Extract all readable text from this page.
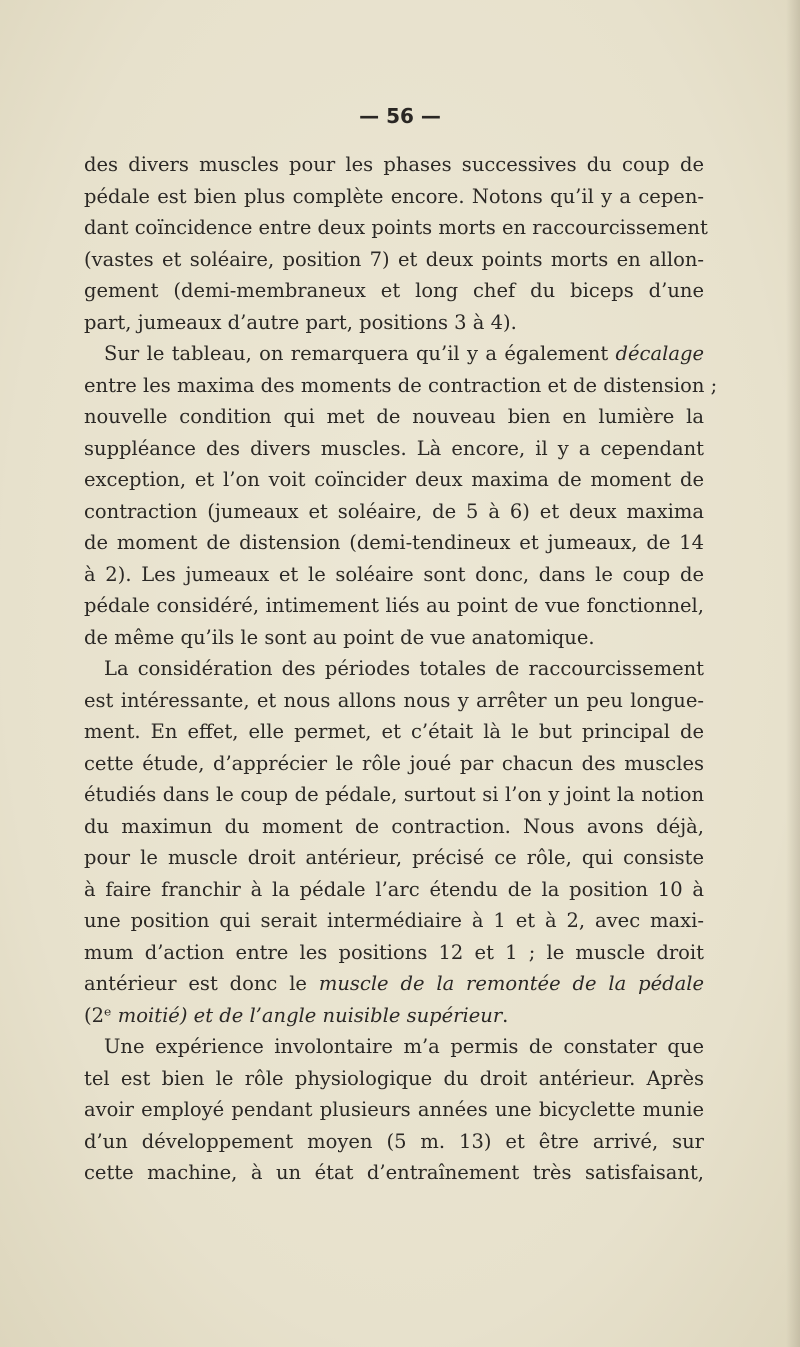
— 56 —
des divers muscles pour les phases successives du coup de
pédale est bien plus complète encore. Notons qu’il y a cepen-
dant coïncidence entre deux points morts en raccourcissement
(vastes et soléaire, position 7) et deux points morts en allon-
gement (demi-membraneux et long chef du biceps d’une
part, jumeaux d’autre part, positions 3 à 4).
Sur le tableau, on remarquera qu’il y a également décalage
entre les maxima des moments de contraction et de distension ;
nouvelle condition qui met de nouveau bien en lumière la
suppléance des divers muscles. Là encore, il y a cependant
exception, et l’on voit coïncider deux maxima de moment de
contraction (jumeaux et soléaire, de 5 à 6) et deux maxima
de moment de distension (demi-tendineux et jumeaux, de 14
à 2). Les jumeaux et le soléaire sont donc, dans le coup de
pédale considéré, intimement liés au point de vue fonctionnel,
de même qu’ils le sont au point de vue anatomique.
La considération des périodes totales de raccourcissement
est intéressante, et nous allons nous y arrêter un peu longue-
ment. En effet, elle permet, et c’était là le but principal de
cette étude, d’apprécier le rôle joué par chacun des muscles
étudiés dans le coup de pédale, surtout si l’on y joint la notion
du maximun du moment de contraction. Nous avons déjà,
pour le muscle droit antérieur, précisé ce rôle, qui consiste
à faire franchir à la pédale l’arc étendu de la position 10 à
une position qui serait intermédiaire à 1 et à 2, avec maxi-
mum d’action entre les positions 12 et 1 ; le muscle droit
antérieur est donc le muscle de la remontée de la pédale
(2ᵉ moitié) et de l’angle nuisible supérieur.
Une expérience involontaire m’a permis de constater que
tel est bien le rôle physiologique du droit antérieur. Après
avoir employé pendant plusieurs années une bicyclette munie
d’un développement moyen (5 m. 13) et être arrivé, sur
cette machine, à un état d’entraînement très satisfaisant,
